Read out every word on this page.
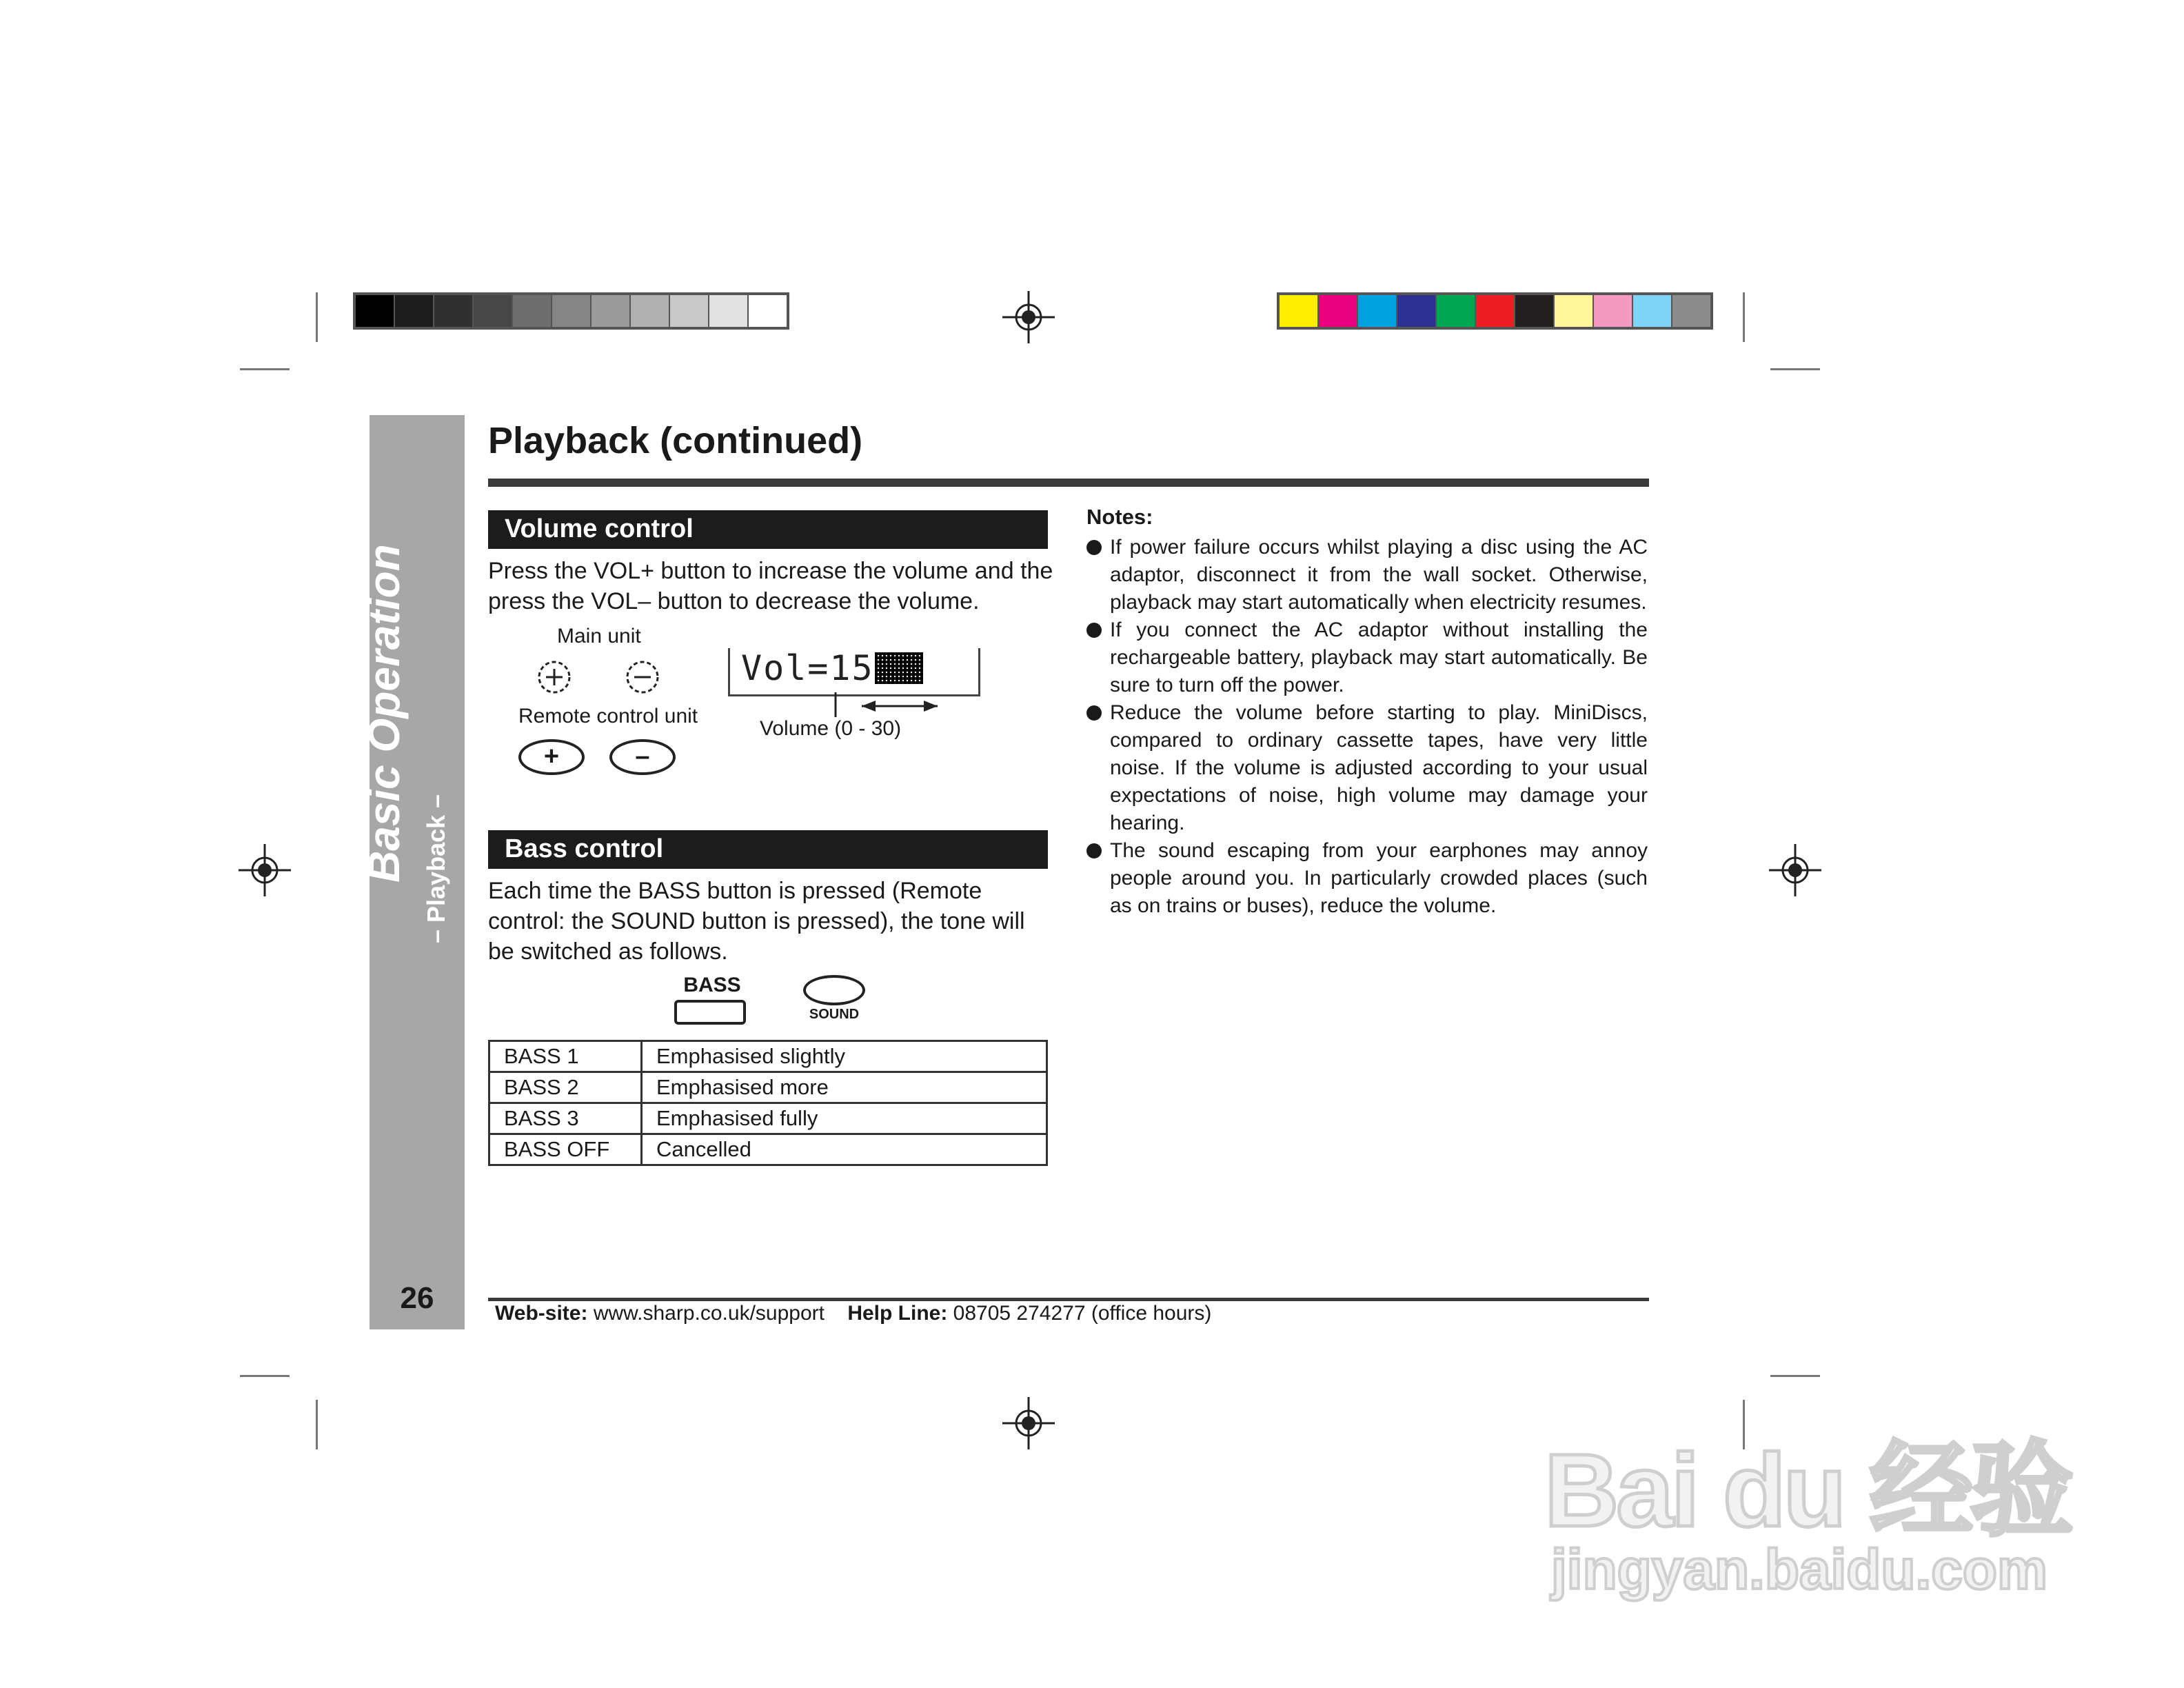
Basic Operation – Playback –
26
Playback (continued)
Volume control
Press the VOL+ button to increase the volume and the press the VOL– button to decrease the volume.
Main unit
Vol=15
Remote control unit
Volume (0 - 30)
+	–
Bass control
Each time the BASS button is pressed (Remote control: the SOUND button is pressed), the tone will be switched as follows.
BASS
SOUND
BASS 1	Emphasised slightly
BASS 2	Emphasised more
BASS 3	Emphasised fully
BASS OFF	Cancelled
Notes:
If power failure occurs whilst playing a disc using the AC adaptor, disconnect it from the wall socket. Otherwise, playback may start automatically when electricity resumes.
If you connect the AC adaptor without installing the rechargeable battery, playback may start automatically. Be sure to turn off the power.
Reduce the volume before starting to play. MiniDiscs, compared to ordinary cassette tapes, have very little noise. If the volume is adjusted according to your usual expectations of noise, high volume may damage your hearing.
The sound escaping from your earphones may annoy people around you. In particularly crowded places (such as on trains or buses), reduce the volume.
Web-site: www.sharp.co.uk/support Help Line: 08705 274277 (office hours)
Bai du 经验
jingyan.baidu.com
